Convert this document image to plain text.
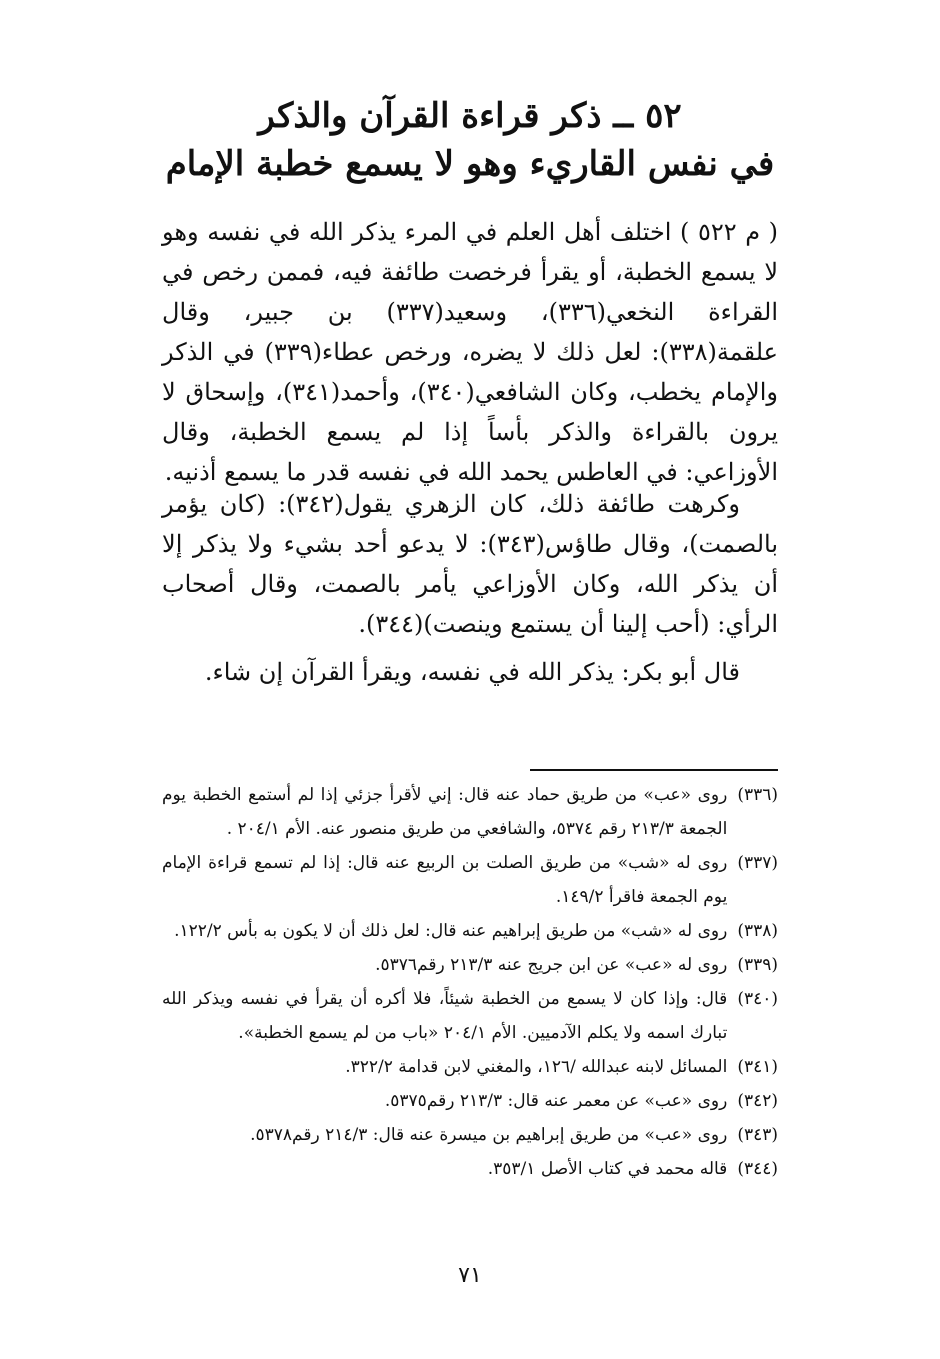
٥٢ ــ ذكر قراءة القرآن والذكر
في نفس القاريء وهو لا يسمع خطبة الإمام

( م ٥٢٢ ) اختلف أهل العلم في المرء يذكر الله في نفسه وهو لا يسمع الخطبة، أو يقرأ فرخصت طائفة فيه، فممن رخص في القراءة النخعي(٣٣٦)، وسعيد(٣٣٧) بن جبير، وقال علقمة(٣٣٨): لعل ذلك لا يضره، ورخص عطاء(٣٣٩) في الذكر والإمام يخطب، وكان الشافعي(٣٤٠)، وأحمد(٣٤١)، وإسحاق لا يرون بالقراءة والذكر بأساً إذا لم يسمع الخطبة، وقال الأوزاعي: في العاطس يحمد الله في نفسه قدر ما يسمع أذنيه.

وكرهت طائفة ذلك، كان الزهري يقول(٣٤٢): (كان يؤمر بالصمت)، وقال طاؤس(٣٤٣): لا يدعو أحد بشيء ولا يذكر إلا أن يذكر الله، وكان الأوزاعي يأمر بالصمت، وقال أصحاب الرأي: (أحب إلينا أن يستمع وينصت)(٣٤٤).

قال أبو بكر: يذكر الله في نفسه، ويقرأ القرآن إن شاء.

(٣٣٦)
روى «عب» من طريق حماد عنه قال: إني لأقرأ جزئي إذا لم أستمع الخطبة يوم الجمعة ٢١٣/٣ رقم ٥٣٧٤، والشافعي من طريق منصور عنه. الأم ٢٠٤/١ .
(٣٣٧)
روى له «شب» من طريق الصلت بن الربيع عنه قال: إذا لم تسمع قراءة الإمام يوم الجمعة فاقرأ ١٤٩/٢.
(٣٣٨)
روى له «شب» من طريق إبراهيم عنه قال: لعل ذلك أن لا يكون به بأس ١٢٢/٢.
(٣٣٩)
روى له «عب» عن ابن جريج عنه ٢١٣/٣ رقم٥٣٧٦.
(٣٤٠)
قال: وإذا كان لا يسمع من الخطبة شيئاً، فلا أكره أن يقرأ في نفسه ويذكر الله تبارك اسمه ولا يكلم الآدميين. الأم ٢٠٤/١ «باب من لم يسمع الخطبة».
(٣٤١)
المسائل لابنه عبدالله /١٢٦، والمغني لابن قدامة ٣٢٢/٢.
(٣٤٢)
روى «عب» عن معمر عنه قال: ٢١٣/٣ رقم٥٣٧٥.
(٣٤٣)
روى «عب» من طريق إبراهيم بن ميسرة عنه قال: ٢١٤/٣ رقم٥٣٧٨.
(٣٤٤)
قاله محمد في كتاب الأصل ٣٥٣/١.
٧١
